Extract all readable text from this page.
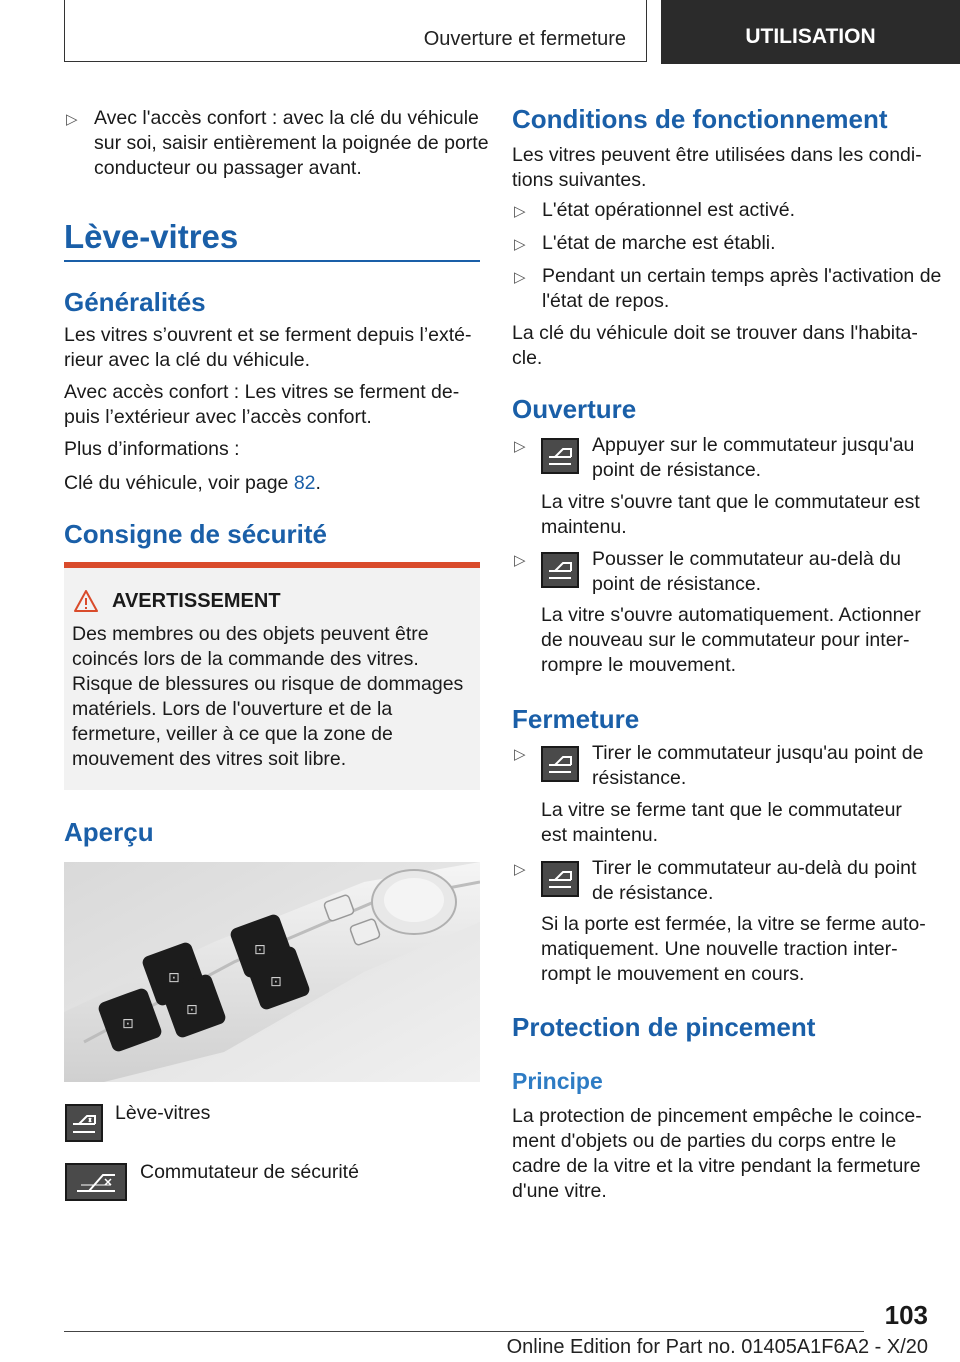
Ouverture et fermeture	UTILISATION
▷ Avec l'accès confort : avec la clé du véhicule sur soi, saisir entièrement la poignée de porte conducteur ou passager avant.
Lève-vitres
Généralités

Les vitres s’ouvrent et se ferment depuis l’extérieur avec la clé du véhicule.

Avec accès confort : Les vitres se ferment depuis l’extérieur avec l’accès confort.

Plus d’informations :

Clé du véhicule, voir page 82.

Consigne de sécurité
AVERTISSEMENT

Des membres ou des objets peuvent être coincés lors de la commande des vitres. Risque de blessures ou risque de dommages matériels. Lors de l'ouverture et de la fermeture, veiller à ce que la zone de mouvement des vitres soit libre.

Aperçu
⊡
⊡
⊡
⊡
⊡
Lève-vitres
Commutateur de sécurité
Conditions de fonctionnement

Les vitres peuvent être utilisées dans les conditions suivantes.

▷ L'état opérationnel est activé.
▷ L'état de marche est établi.
▷ Pendant un certain temps après l'activation de l'état de repos.

La clé du véhicule doit se trouver dans l'habitacle.

Ouverture
▷	Appuyer sur le commutateur jusqu'au point de résistance.

La vitre s'ouvre tant que le commutateur est maintenu.

▷	Pousser le commutateur au-delà du point de résistance.

La vitre s'ouvre automatiquement. Actionner de nouveau sur le commutateur pour interrompre le mouvement.

Fermeture
▷	Tirer le commutateur jusqu'au point de résistance.

La vitre se ferme tant que le commutateur est maintenu.

▷	Tirer le commutateur au-delà du point de résistance.

Si la porte est fermée, la vitre se ferme automatiquement. Une nouvelle traction interrompt le mouvement en cours.

Protection de pincement
Principe

La protection de pincement empêche le coincement d'objets ou de parties du corps entre le cadre de la vitre et la vitre pendant la fermeture d'une vitre.

103
Online Edition for Part no. 01405A1F6A2 - X/20
